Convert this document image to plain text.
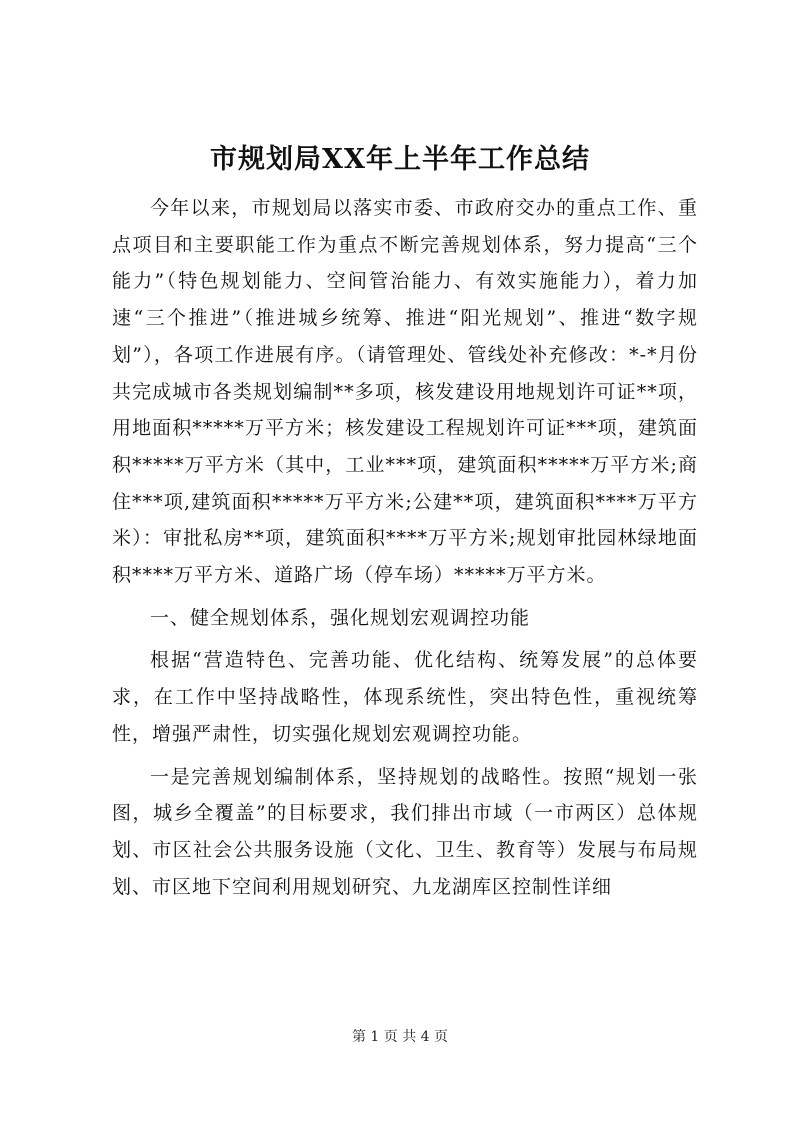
市规划局XX年上半年工作总结

今年以来，市规划局以落实市委、市政府交办的重点工作、重点项目和主要职能工作为重点不断完善规划体系，努力提高“三个能力”（特色规划能力、空间管治能力、有效实施能力），着力加速“三个推进”（推进城乡统筹、推进“阳光规划”、推进“数字规划”），各项工作进展有序。（请管理处、管线处补充修改：*-*月份共完成城市各类规划编制**多项，核发建设用地规划许可证**项，用地面积*****万平方米；核发建设工程规划许可证***项，建筑面积*****万平方米（其中，工业***项，建筑面积*****万平方米;商住***项,建筑面积*****万平方米;公建**项，建筑面积****万平方米）：审批私房**项，建筑面积****万平方米;规划审批园林绿地面积****万平方米、道路广场（停车场）*****万平方米。

一、健全规划体系，强化规划宏观调控功能

根据“营造特色、完善功能、优化结构、统筹发展”的总体要求，在工作中坚持战略性，体现系统性，突出特色性，重视统筹性，增强严肃性，切实强化规划宏观调控功能。

一是完善规划编制体系，坚持规划的战略性。按照“规划一张图，城乡全覆盖”的目标要求，我们排出市域（一市两区）总体规划、市区社会公共服务设施（文化、卫生、教育等）发展与布局规划、市区地下空间利用规划研究、九龙湖库区控制性详细

第 1 页 共 4 页
